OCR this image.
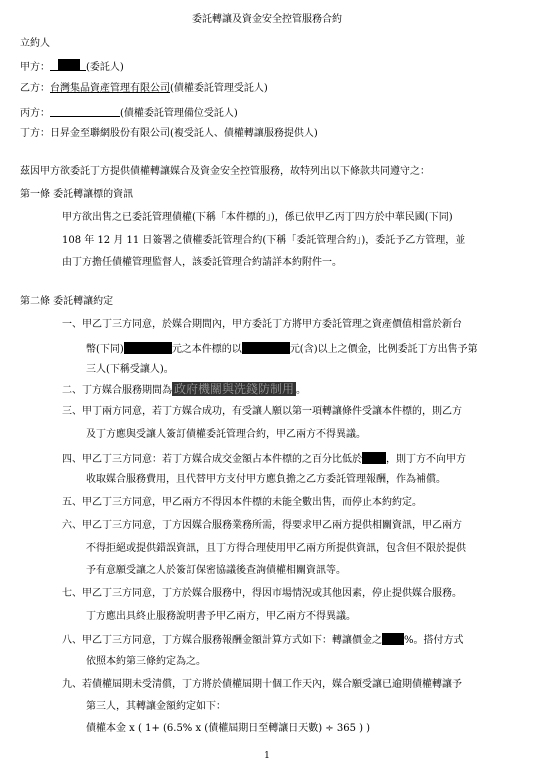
委託轉讓及資金安全控管服務合約
立約人
甲方：	(委託人)
乙方：台灣集品資產管理有限公司(債權委託管理受託人)
丙方：	(債權委託管理備位受託人)
丁方：日昇金至聯網股份有限公司(複受託人、債權轉讓服務提供人)
茲因甲方欲委託丁方提供債權轉讓媒合及資金安全控管服務，故特列出以下條款共同遵守之：
第一條 委託轉讓標的資訊
甲方欲出售之已委託管理債權(下稱「本件標的」)，係已依甲乙丙丁四方於中華民國(下同)
108 年 12 月 11 日簽署之債權委託管理合約(下稱「委託管理合約」)，委託予乙方管理，並
由丁方擔任債權管理監督人，該委託管理合約請詳本約附件一。
第二條 委託轉讓約定
一、甲乙丁三方同意，於媒合期間內，甲方委託丁方將甲方委託管理之資產價值相當於新台
幣(下同)	元之本件標的以	元(含)以上之價金，比例委託丁方出售予第
三人(下稱受讓人)。
二、丁方媒合服務期間為 政府機關與洗錢防制用 。
三、甲丁兩方同意，若丁方媒合成功，有受讓人願以第一項轉讓條件受讓本件標的，則乙方
及丁方應與受讓人簽訂債權委託管理合約，甲乙兩方不得異議。
四、甲乙丁三方同意：若丁方媒合成交金額占本件標的之百分比低於 ，則丁方不向甲方
收取媒合服務費用，且代替甲方支付甲方應負擔之乙方委託管理報酬，作為補償。
五、甲乙丁三方同意，甲乙兩方不得因本件標的未能全數出售，而停止本約約定。
六、甲乙丁三方同意，丁方因媒合服務業務所需，得要求甲乙兩方提供相關資訊，甲乙兩方
不得拒絕或提供錯誤資訊，且丁方得合理使用甲乙兩方所提供資訊，包含但不限於提供
予有意願受讓之人於簽訂保密協議後查詢債權相關資訊等。
七、甲乙丁三方同意，丁方於媒合服務中，得因市場情況或其他因素，停止提供媒合服務。
丁方應出具終止服務說明書予甲乙兩方，甲乙兩方不得異議。
八、甲乙丁三方同意，丁方媒合服務報酬金額計算方式如下：轉讓價金之 %。搭付方式
依照本約第三條約定為之。
九、若債權屆期未受清償，丁方將於債權屆期十個工作天內，媒合願受讓已逾期債權轉讓予
第三人，其轉讓金額約定如下：
債權本金 x ( 1+ (6.5% x (債權屆期日至轉讓日天數) ÷ 365 ) )
1
